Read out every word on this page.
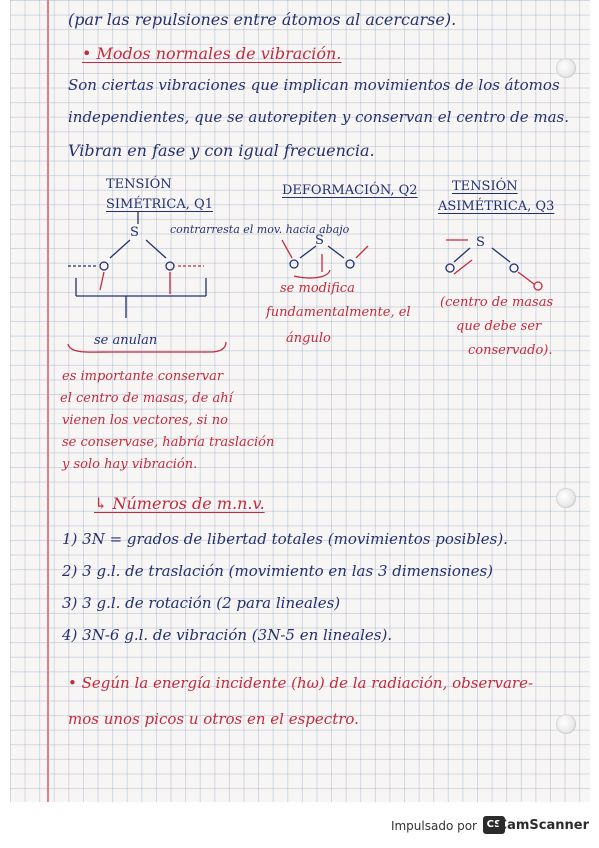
(par las repulsiones entre átomos al acercarse).
• Modos normales de vibración.
Son ciertas vibraciones que implican movimientos de los átomos
independientes, que se autorepiten y conservan el centro de mas.
Vibran en fase y con igual frecuencia.
TENSIÓN
SIMÉTRICA, Q1
contrarresta el mov. hacia abajo
DEFORMACIÓN, Q2	TENSIÓN
ASIMÉTRICA, Q3
S
S	S
se anulan
se modifica
fundamentalmente, el
ángulo
(centro de masas
que debe ser
conservado).
es importante conservar
el centro de masas, de ahí
vienen los vectores, si no
se conservase, habría traslación
y solo hay vibración.
↳ Números de m.n.v.
1) 3N = grados de libertad totales (movimientos posibles).
2) 3 g.l. de traslación (movimiento en las 3 dimensiones)
3) 3 g.l. de rotación (2 para lineales)
4) 3N-6 g.l. de vibración (3N-5 en lineales).
• Según la energía incidente (hω) de la radiación, observare-
mos unos picos u otros en el espectro.
Impulsado por CS
CamScanner
